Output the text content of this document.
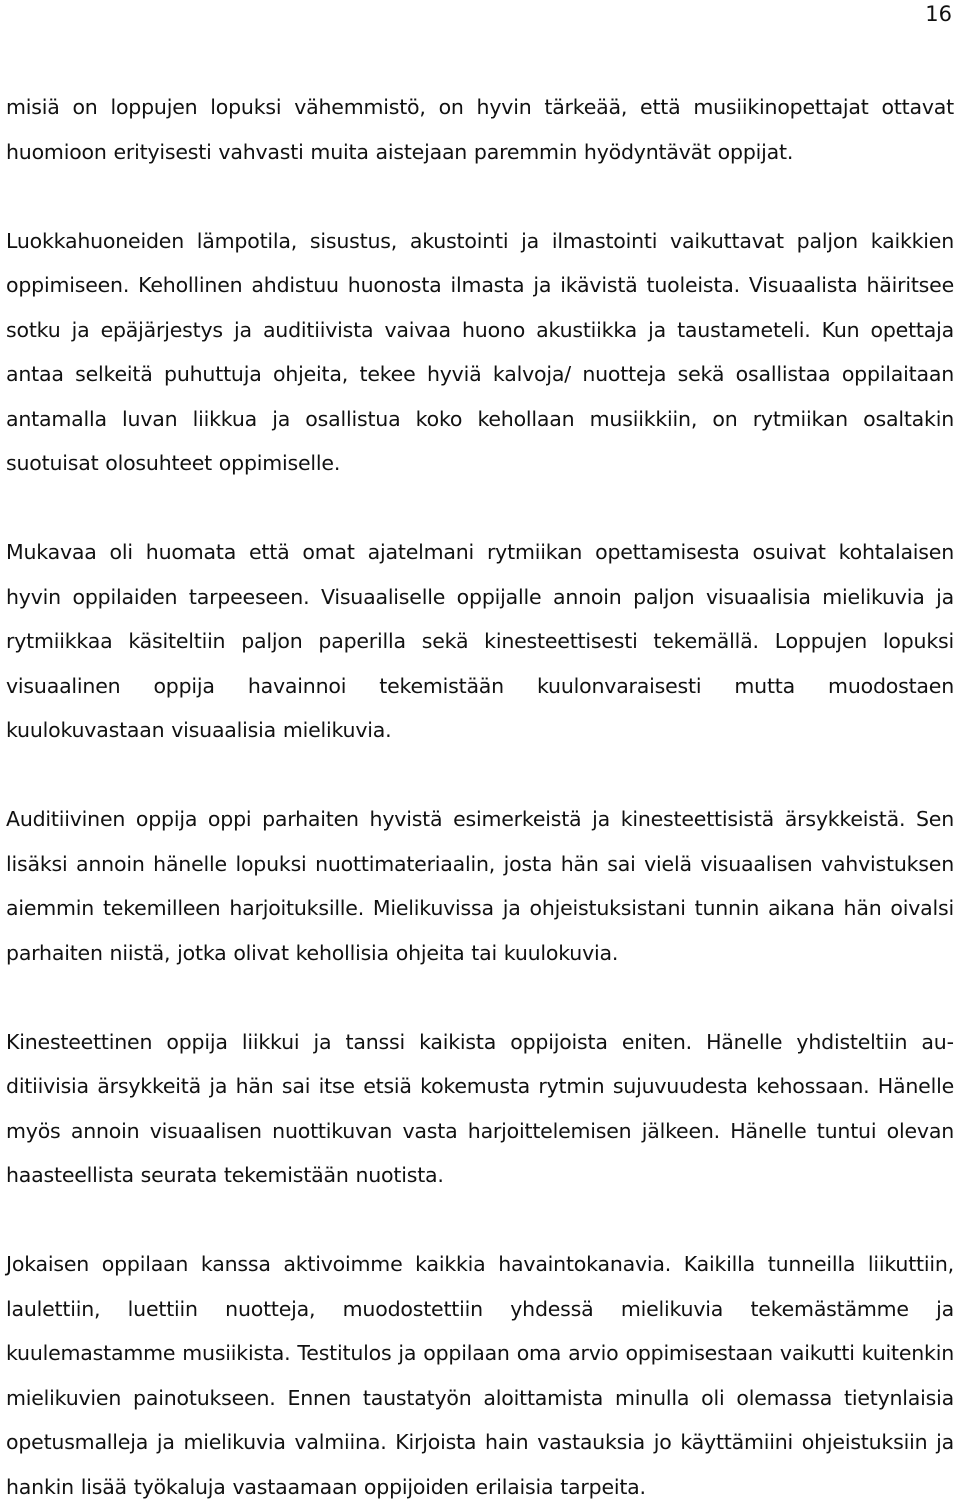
16

misiä on loppujen lopuksi vähemmistö, on hyvin tärkeää, että musiikinopettajat ottavat huomioon erityisesti vahvasti muita aistejaan paremmin hyödyntävät oppijat.

Luokkahuoneiden lämpotila, sisustus, akustointi ja ilmastointi vaikuttavat paljon kaikkien oppimiseen. Kehollinen ahdistuu huonosta ilmasta ja ikävistä tuoleista. Visuaalista häiritsee sotku ja epäjärjestys ja auditiivista vaivaa huono akustiikka ja taustameteli. Kun opettaja antaa selkeitä puhuttuja ohjeita, tekee hyviä kalvoja/ nuotteja sekä osallistaa oppilaitaan antamalla luvan liikkua ja osallistua koko kehollaan musiikkiin, on rytmiikan osaltakin suotuisat olosuhteet oppimiselle.

Mukavaa oli huomata että omat ajatelmani rytmiikan opettamisesta osuivat kohtalaisen hyvin oppilaiden tarpeeseen. Visuaaliselle oppijalle annoin paljon visuaalisia mielikuvia ja rytmiikkaa käsiteltiin paljon paperilla sekä kinesteettisesti tekemällä. Loppujen lopuksi visuaalinen oppija havainnoi tekemistään kuulonvaraisesti mutta muodostaen kuulokuvastaan visuaalisia mielikuvia.

Auditiivinen oppija oppi parhaiten hyvistä esimerkeistä ja kinesteettisistä ärsykkeistä. Sen lisäksi annoin hänelle lopuksi nuottimateriaalin, josta hän sai vielä visuaalisen vahvistuksen aiemmin tekemilleen harjoituksille. Mielikuvissa ja ohjeistuksistani tunnin aikana hän oivalsi parhaiten niistä, jotka olivat kehollisia ohjeita tai kuulokuvia.

Kinesteettinen oppija liikkui ja tanssi kaikista oppijoista eniten. Hänelle yhdisteltiin auditiivisia ärsykkeitä ja hän sai itse etsiä kokemusta rytmin sujuvuudesta kehossaan. Hänelle myös annoin visuaalisen nuottikuvan vasta harjoittelemisen jälkeen. Hänelle tuntui olevan haasteellista seurata tekemistään nuotista.

Jokaisen oppilaan kanssa aktivoimme kaikkia havaintokanavia. Kaikilla tunneilla liikuttiin, laulettiin, luettiin nuotteja, muodostettiin yhdessä mielikuvia tekemästämme ja kuulemastamme musiikista. Testitulos ja oppilaan oma arvio oppimisestaan vaikutti kuitenkin mielikuvien painotukseen. Ennen taustatyön aloittamista minulla oli olemassa tietynlaisia opetusmalleja ja mielikuvia valmiina. Kirjoista hain vastauksia jo käyttämiini ohjeistuksiin ja hankin lisää työkaluja vastaamaan oppijoiden erilaisia tarpeita.
